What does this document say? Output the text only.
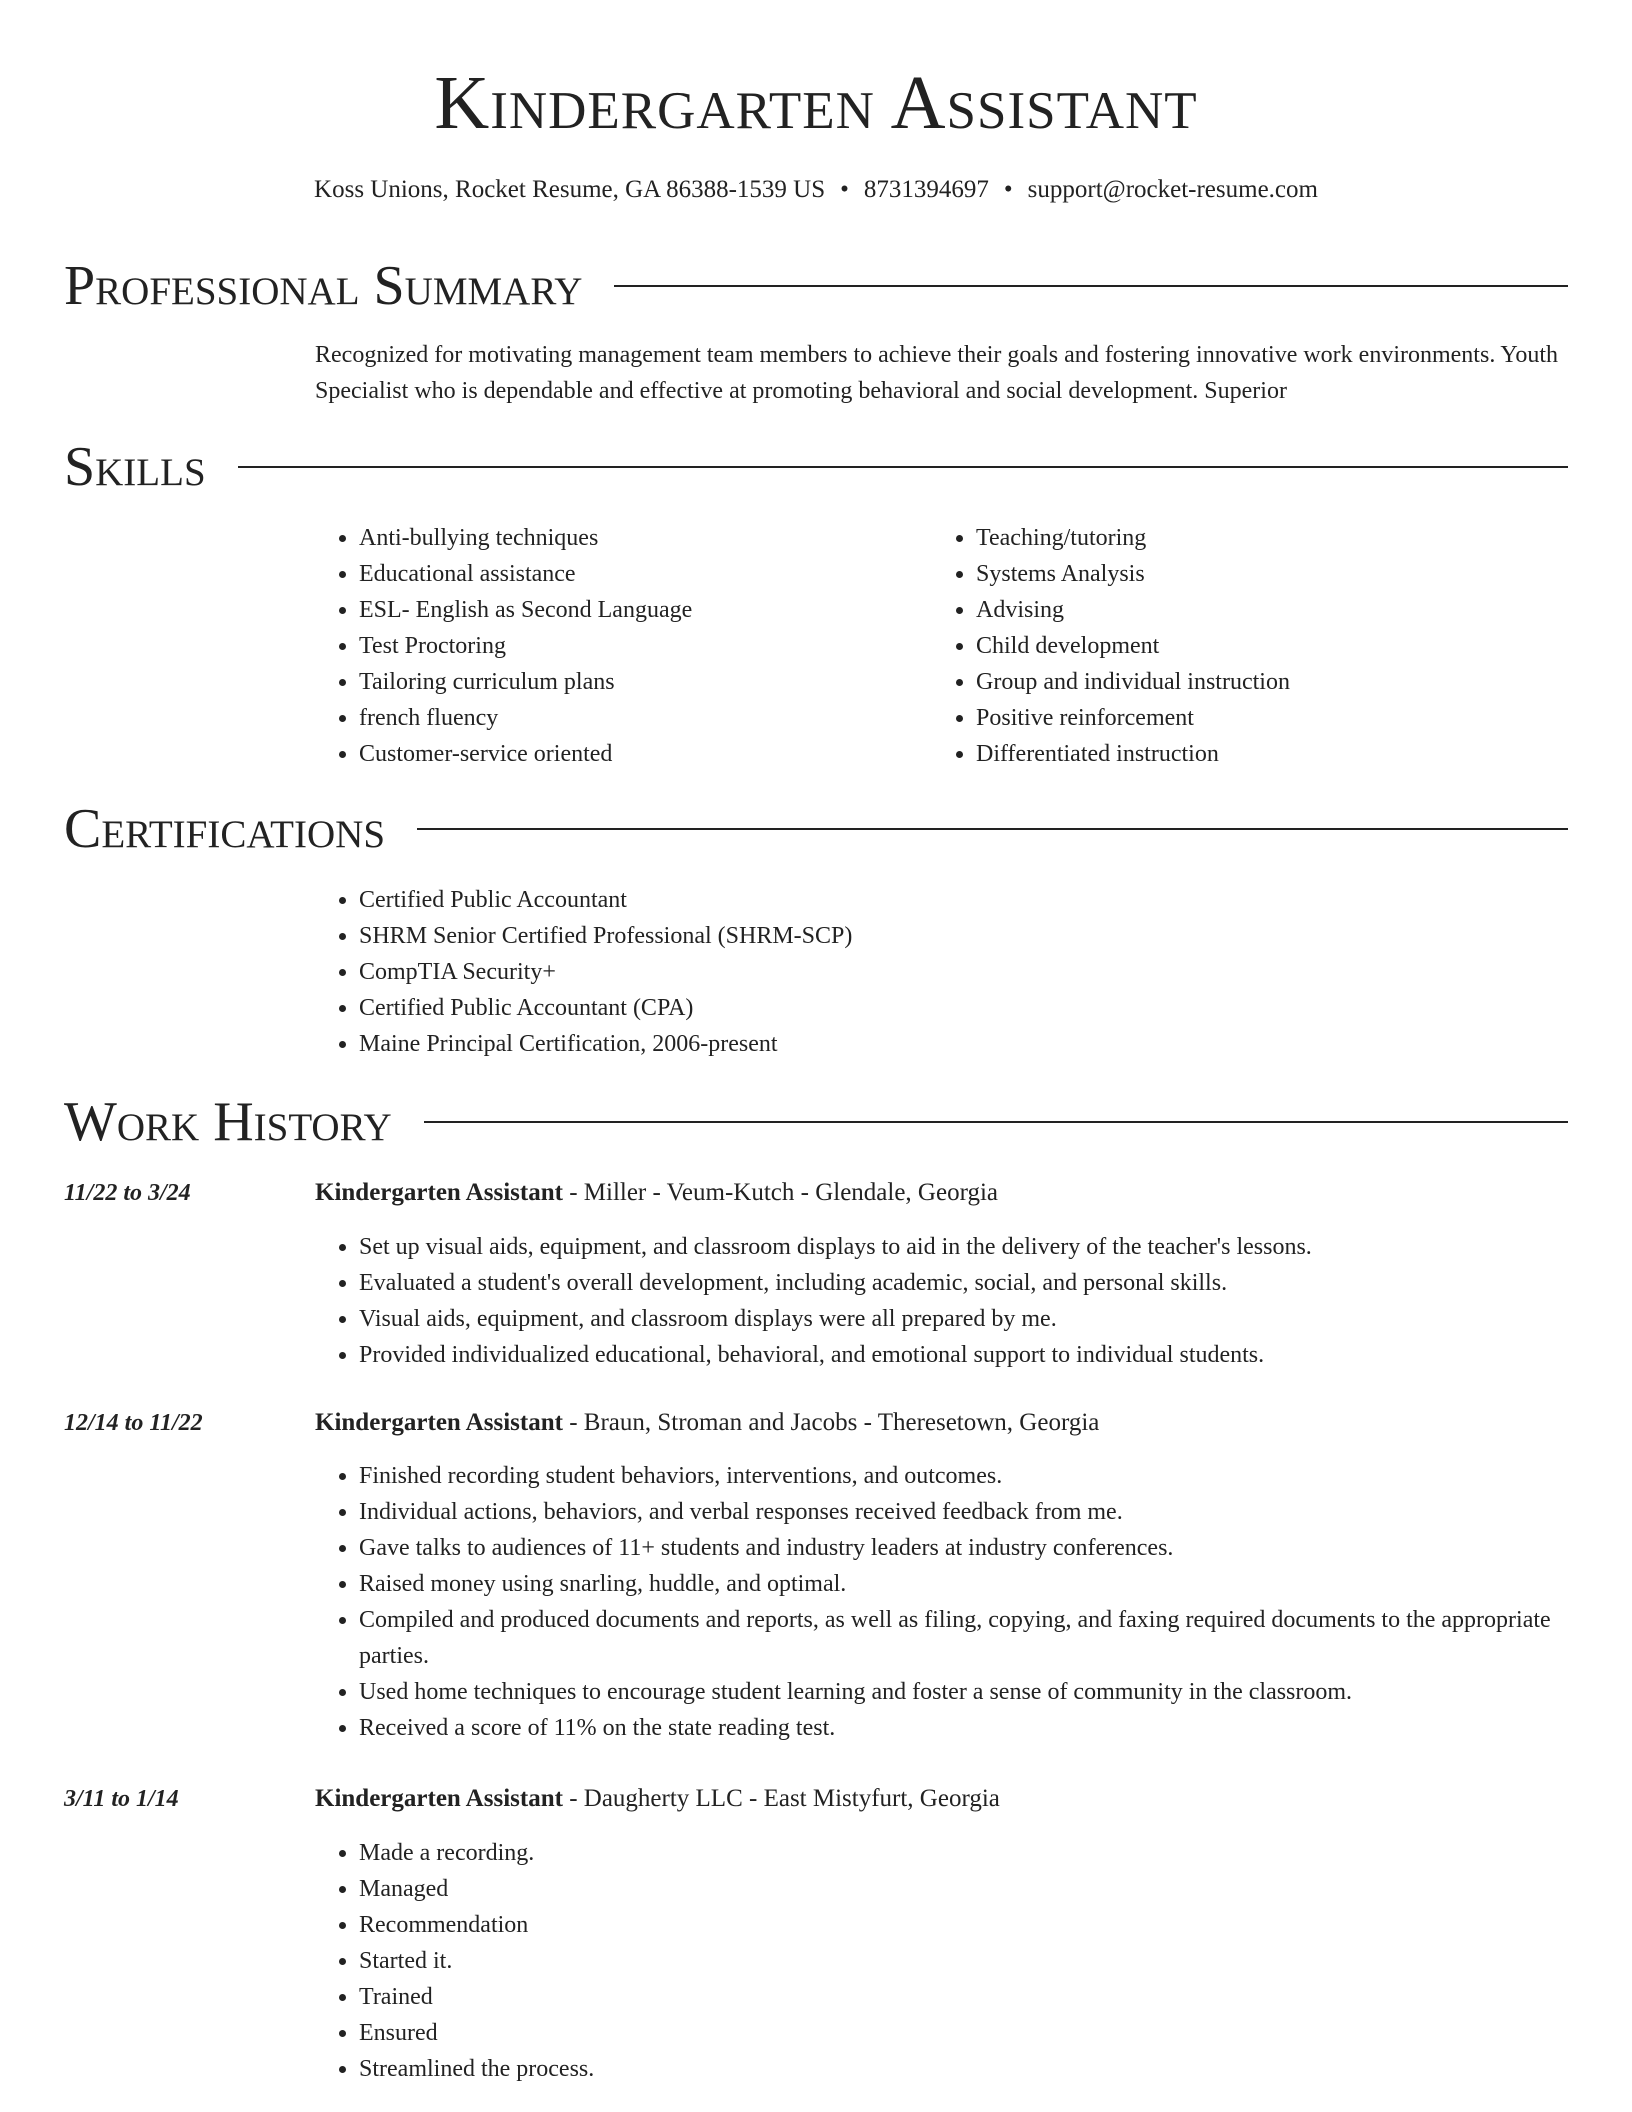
Kindergarten Assistant
Koss Unions, Rocket Resume, GA 86388-1539 US • 8731394697 • support@rocket-resume.com
Professional Summary

Recognized for motivating management team members to achieve their goals and fostering innovative work environments. Youth Specialist who is dependable and effective at promoting behavioral and social development. Superior

Skills
• Anti-bullying techniques
• Educational assistance
• ESL- English as Second Language
• Test Proctoring
• Tailoring curriculum plans
• french fluency
• Customer-service oriented
• Teaching/tutoring
• Systems Analysis
• Advising
• Child development
• Group and individual instruction
• Positive reinforcement
• Differentiated instruction
Certifications
• Certified Public Accountant
• SHRM Senior Certified Professional (SHRM-SCP)
• CompTIA Security+
• Certified Public Accountant (CPA)
• Maine Principal Certification, 2006-present
Work History
11/22 to 3/24	Kindergarten Assistant - Miller - Veum-Kutch - Glendale, Georgia
• Set up visual aids, equipment, and classroom displays to aid in the delivery of the teacher's lessons.
• Evaluated a student's overall development, including academic, social, and personal skills.
• Visual aids, equipment, and classroom displays were all prepared by me.
• Provided individualized educational, behavioral, and emotional support to individual students.
12/14 to 11/22	Kindergarten Assistant - Braun, Stroman and Jacobs - Theresetown, Georgia
• Finished recording student behaviors, interventions, and outcomes.
• Individual actions, behaviors, and verbal responses received feedback from me.
• Gave talks to audiences of 11+ students and industry leaders at industry conferences.
• Raised money using snarling, huddle, and optimal.
• Compiled and produced documents and reports, as well as filing, copying, and faxing required documents to the appropriate parties.
• Used home techniques to encourage student learning and foster a sense of community in the classroom.
• Received a score of 11% on the state reading test.
3/11 to 1/14	Kindergarten Assistant - Daugherty LLC - East Mistyfurt, Georgia
• Made a recording.
• Managed
• Recommendation
• Started it.
• Trained
• Ensured
• Streamlined the process.
